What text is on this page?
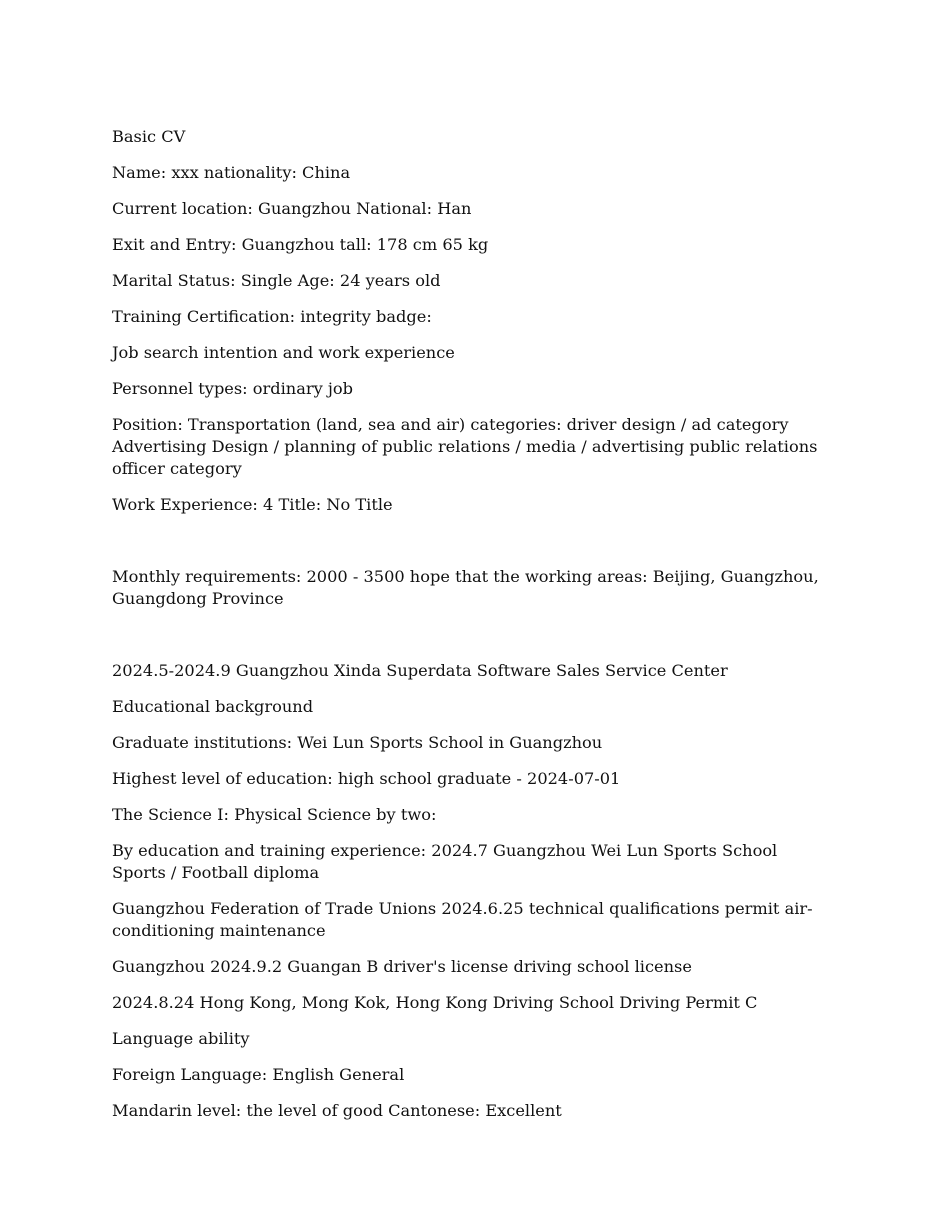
Basic CV

Name: xxx nationality: China

Current location: Guangzhou National: Han

Exit and Entry: Guangzhou tall: 178 cm 65 kg

Marital Status: Single Age: 24 years old

Training Certification: integrity badge:

Job search intention and work experience

Personnel types: ordinary job

Position: Transportation (land, sea and air) categories: driver design / ad category Advertising Design / planning of public relations / media / advertising public relations officer category

Work Experience: 4 Title: No Title

Monthly requirements: 2000 - 3500 hope that the working areas: Beijing, Guangzhou, Guangdong Province

2024.5-2024.9 Guangzhou Xinda Superdata Software Sales Service Center

Educational background

Graduate institutions: Wei Lun Sports School in Guangzhou

Highest level of education: high school graduate - 2024-07-01

The Science I: Physical Science by two:

By education and training experience: 2024.7 Guangzhou Wei Lun Sports School Sports / Football diploma

Guangzhou Federation of Trade Unions 2024.6.25 technical qualifications permit air-conditioning maintenance

Guangzhou 2024.9.2 Guangan B driver's license driving school license

2024.8.24 Hong Kong, Mong Kok, Hong Kong Driving School Driving Permit C

Language ability

Foreign Language: English General

Mandarin level: the level of good Cantonese: Excellent
